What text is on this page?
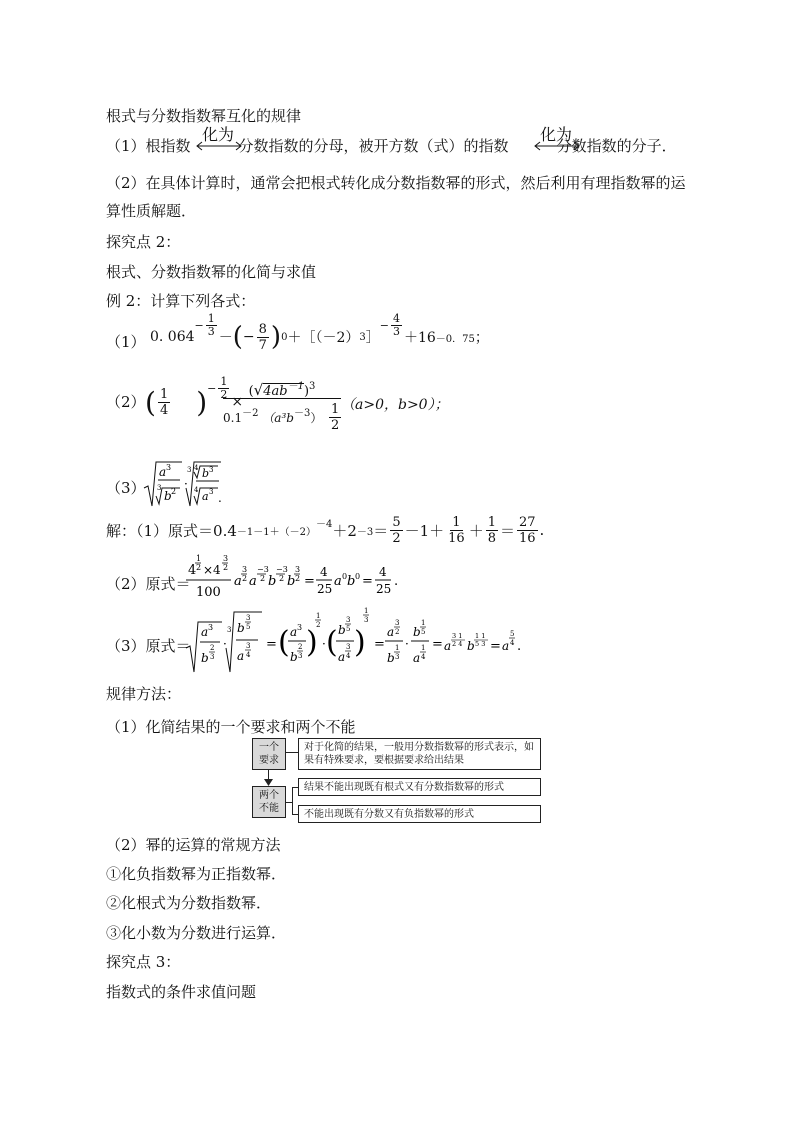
根式与分数指数幂互化的规律
（1）根指数	分数指数的分母，被开方数（式）的指数	分数指数的分子．
化为	化为
（2）在具体计算时，通常会把根式转化成分数指数幂的形式，然后利用有理指数幂的运
算性质解题．
探究点 2：
根式、分数指数幂的化简与求值
例 2：计算下列各式：
（1） 0. 064
− $\frac{1}{3}$
－ ( − $\frac{8}{7}$ ) 0 ＋［（－2） 3 ］
− $\frac{4}{3}$
＋16 －0．75 ；
（2） ( $\frac{1}{4}$ ) − $\frac{1}{2}$
×
$(√4ab^{-1})^3$
$0.1^{-2}$ $(a^3b^{-3}) \frac{1}{2} (a>0$，b>0）；
（3）
a 3
3
b 2
·
3 4 b 3
4 a 3 .
解：（1）原式＝0.4 －1－1＋（－2）
$-4 +2 -3 = \frac{5}{2} -1+ \frac{1}{16} + \frac{1}{8} = \frac{27}{16}$ .
（2）原式＝
4
1
2 ×4
3
2
100
a
3
2 a
−3
2 b
−3
2 b
3
2 =
4
25 a 0 b 0 =
4
25 .
（3）原式＝
a 3
b
2
3
·
3 b
3
5
a
3
4
= ( a 3
b
2
3 )
1
2
· ( b
3
5
a
3
4 )
1
3
=
a
3
2
b
1
3
·
b
1
5
a
1
4
= a
3 1
2 4 b
1 1
5 3 = a
5
4 .
规律方法：
（1）化简结果的一个要求和两个不能
一个要求
两个不能
对于化简的结果，一般用分数指数幂的形式表示，如果有特殊要求，要根据要求给出结果
结果不能出现既有根式又有分数指数幂的形式
不能出现既有分数又有负指数幂的形式
（2）幂的运算的常规方法
①化负指数幂为正指数幂．
②化根式为分数指数幂．
③化小数为分数进行运算．
探究点 3：
指数式的条件求值问题
